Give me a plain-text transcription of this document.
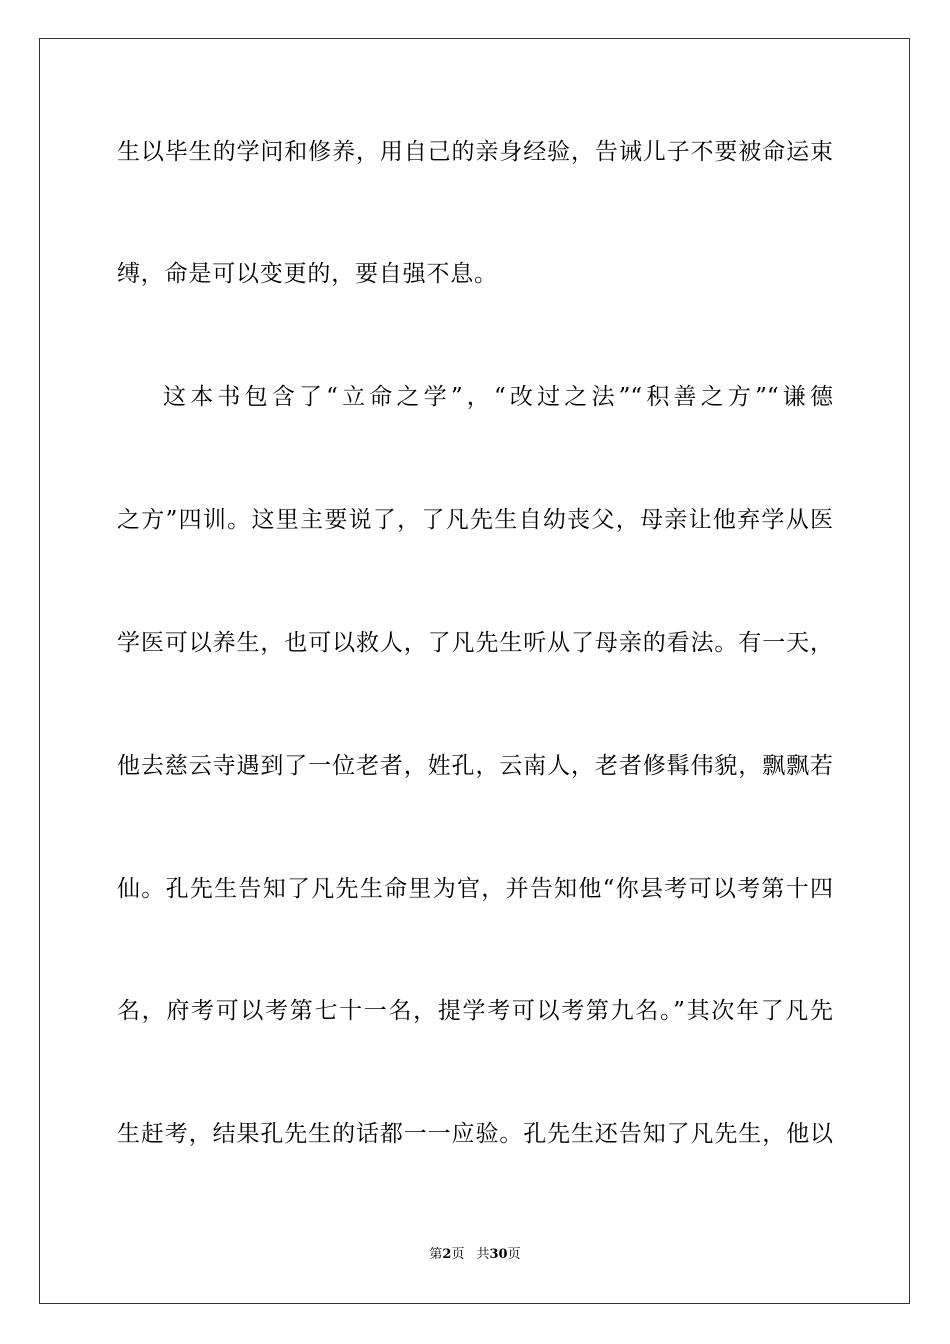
生以毕生的学问和修养，用自己的亲身经验，告诫儿子不要被命运束
缚，命是可以变更的，要自强不息。
这本书包含了“立命之学”，“改过之法”“积善之方”“谦德
之方”四训。这里主要说了，了凡先生自幼丧父，母亲让他弃学从医
学医可以养生，也可以救人，了凡先生听从了母亲的看法。有一天，
他去慈云寺遇到了一位老者，姓孔，云南人，老者修髯伟貌，飘飘若
仙。孔先生告知了凡先生命里为官，并告知他“你县考可以考第十四
名，府考可以考第七十一名，提学考可以考第九名。”其次年了凡先
生赶考，结果孔先生的话都一一应验。孔先生还告知了凡先生，他以
第2页 共30页
